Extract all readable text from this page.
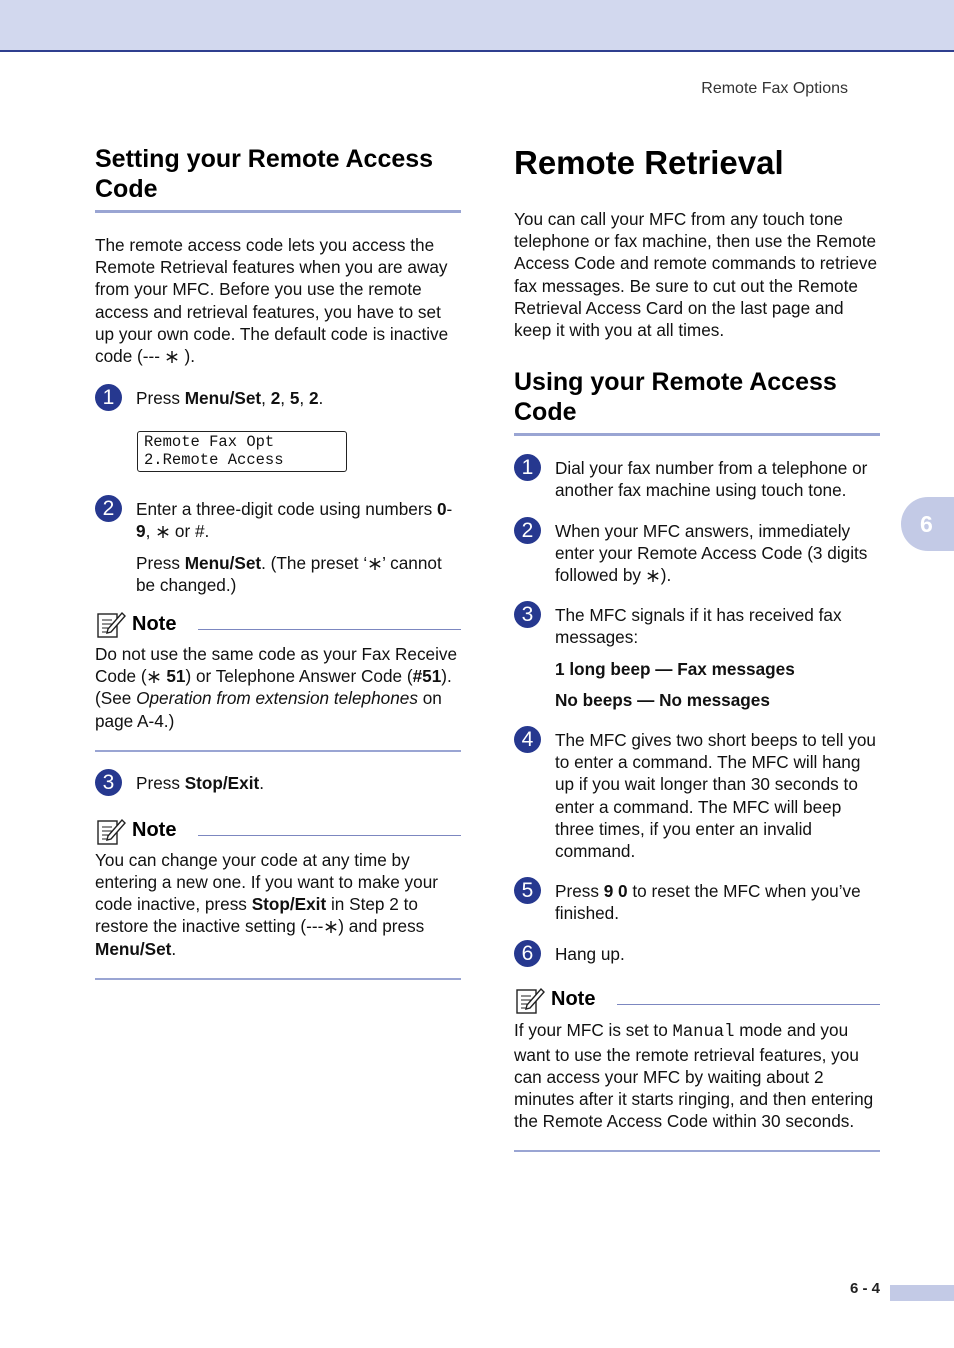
Remote Fax Options
Setting your Remote Access Code

The remote access code lets you access the Remote Retrieval features when you are away from your MFC. Before you use the remote access and retrieval features, you have to set up your own code. The default code is inactive code (--- ).

1	Press Menu/Set, 2, 5, 2.
Remote Fax Opt
2.Remote Access
2	Enter a three-digit code using numbers 0-9,  or #.

Press Menu/Set. (The preset ‘ ’ cannot be changed.)

Note

Do not use the same code as your Fax Receive Code ( 51) or Telephone Answer Code (#51).
(See Operation from extension telephones on page A-4.)

3	Press Stop/Exit.
Note

You can change your code at any time by entering a new one. If you want to make your code inactive, press Stop/Exit in Step 2 to restore the inactive setting (--- ) and press Menu/Set.

Remote Retrieval

You can call your MFC from any touch tone telephone or fax machine, then use the Remote Access Code and remote commands to retrieve fax messages. Be sure to cut out the Remote Retrieval Access Card on the last page and keep it with you at all times.

Using your Remote Access Code
1	Dial your fax number from a telephone or another fax machine using touch tone.
2	When your MFC answers, immediately enter your Remote Access Code (3 digits followed by ).
3	The MFC signals if it has received fax messages:

1 long beep — Fax messages

No beeps — No messages

4	The MFC gives two short beeps to tell you to enter a command. The MFC will hang up if you wait longer than 30 seconds to enter a command. The MFC will beep three times, if you enter an invalid command.
5	Press 9 0 to reset the MFC when you’ve finished.
6	Hang up.
Note

If your MFC is set to Manual mode and you want to use the remote retrieval features, you can access your MFC by waiting about 2 minutes after it starts ringing, and then entering the Remote Access Code within 30 seconds.

6
6 - 4
